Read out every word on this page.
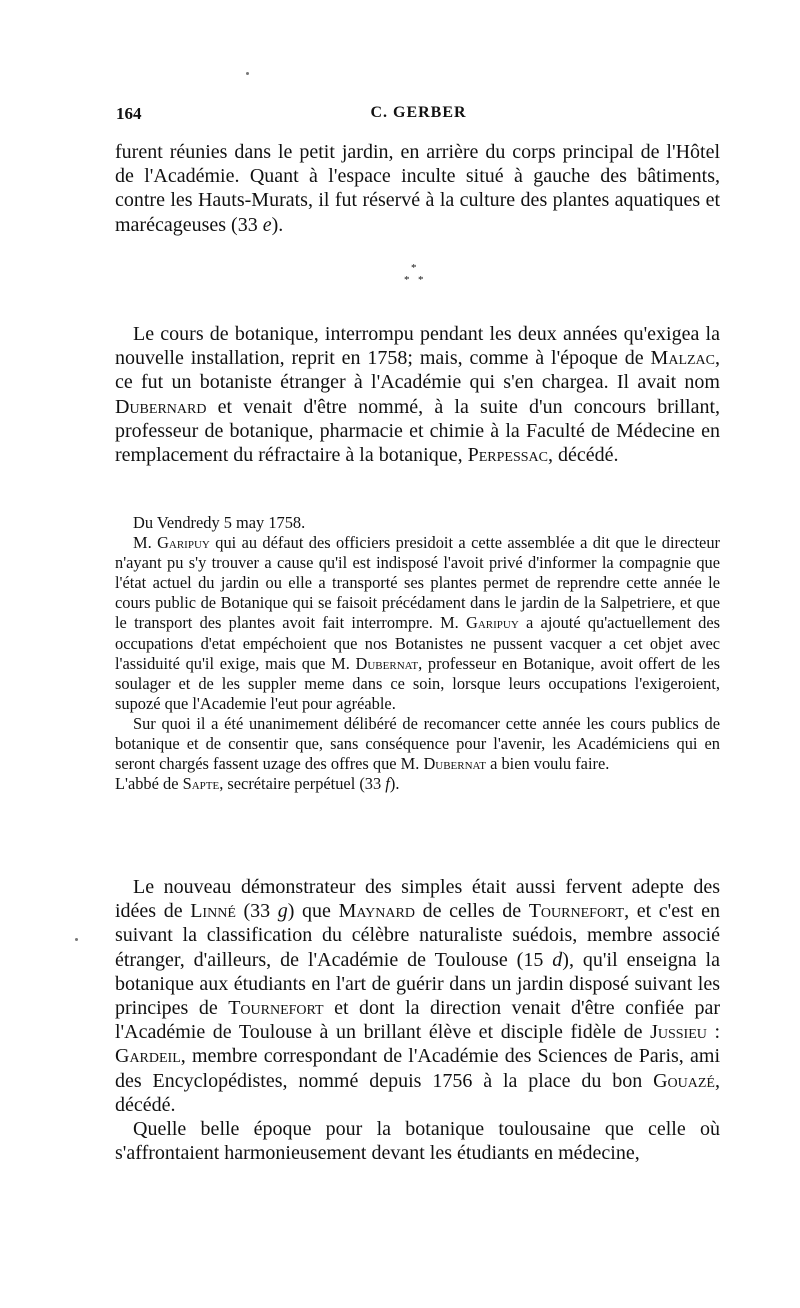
164	C. GERBER

furent réunies dans le petit jardin, en arrière du corps principal de l'Hôtel de l'Académie. Quant à l'espace inculte situé à gauche des bâtiments, contre les Hauts-Murats, il fut réservé à la culture des plantes aquatiques et marécageuses (33 e).

*
* *

Le cours de botanique, interrompu pendant les deux années qu'exigea la nouvelle installation, reprit en 1758; mais, comme à l'époque de Malzac, ce fut un botaniste étranger à l'Académie qui s'en chargea. Il avait nom Dubernard et venait d'être nommé, à la suite d'un concours brillant, professeur de botanique, pharmacie et chimie à la Faculté de Médecine en remplacement du réfractaire à la botanique, Perpessac, décédé.

Du Vendredy 5 may 1758.

M. Garipuy qui au défaut des officiers presidoit a cette assemblée a dit que le directeur n'ayant pu s'y trouver a cause qu'il est indisposé l'avoit privé d'informer la compagnie que l'état actuel du jardin ou elle a transporté ses plantes permet de reprendre cette année le cours public de Botanique qui se faisoit précédament dans le jardin de la Salpetriere, et que le transport des plantes avoit fait interrompre. M. Garipuy a ajouté qu'actuellement des occupations d'etat empéchoient que nos Botanistes ne pussent vacquer a cet objet avec l'assiduité qu'il exige, mais que M. Dubernat, professeur en Botanique, avoit offert de les soulager et de les suppler meme dans ce soin, lorsque leurs occupations l'exigeroient, supozé que l'Academie l'eut pour agréable.

Sur quoi il a été unanimement délibéré de recomancer cette année les cours publics de botanique et de consentir que, sans conséquence pour l'avenir, les Académiciens qui en seront chargés fassent uzage des offres que M. Dubernat a bien voulu faire.

L'abbé de Sapte, secrétaire perpétuel (33 f).

Le nouveau démonstrateur des simples était aussi fervent adepte des idées de Linné (33 g) que Maynard de celles de Tournefort, et c'est en suivant la classification du célèbre naturaliste suédois, membre associé étranger, d'ailleurs, de l'Académie de Toulouse (15 d), qu'il enseigna la botanique aux étudiants en l'art de guérir dans un jardin disposé suivant les principes de Tournefort et dont la direction venait d'être confiée par l'Académie de Toulouse à un brillant élève et disciple fidèle de Jussieu : Gardeil, membre correspondant de l'Académie des Sciences de Paris, ami des Encyclopédistes, nommé depuis 1756 à la place du bon Gouazé, décédé.

Quelle belle époque pour la botanique toulousaine que celle où s'affrontaient harmonieusement devant les étudiants en médecine,
